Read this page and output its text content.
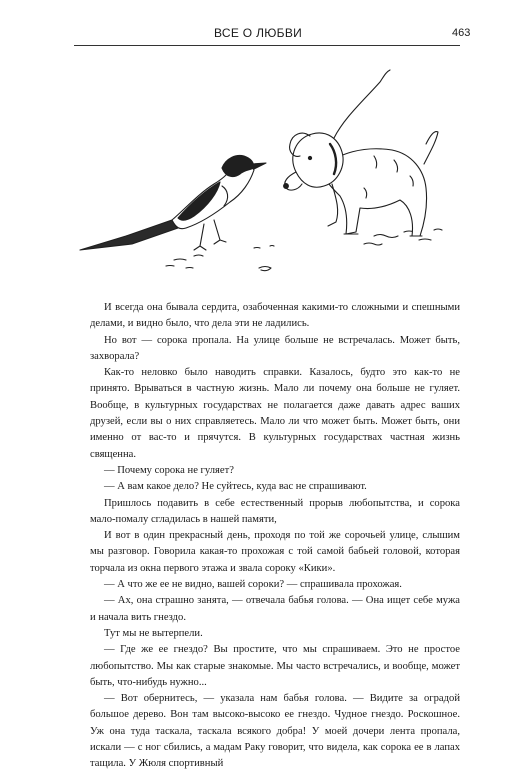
ВСЕ О ЛЮБВИ	463

И всегда она бывала сердита, озабоченная какими-то сложными и спешными делами, и видно было, что дела эти не ладились.

Но вот — сорока пропала. На улице больше не встречалась. Может быть, захворала?

Как-то неловко было наводить справки. Казалось, будто это как-то не принято. Врываться в частную жизнь. Мало ли почему она больше не гуляет. Вообще, в культурных государствах не полагается даже давать адрес ваших друзей, если вы о них справляетесь. Мало ли что может быть. Может быть, они именно от вас-то и прячутся. В культурных государствах частная жизнь священна.

— Почему сорока не гуляет?

— А вам какое дело? Не суйтесь, куда вас не спрашивают.

Пришлось подавить в себе естественный прорыв любопытства, и сорока мало-помалу сгладилась в нашей памяти,

И вот в один прекрасный день, проходя по той же сорочьей улице, слышим мы разговор. Говорила какая-то прохожая с той самой бабьей головой, которая торчала из окна первого этажа и звала сороку «Кики».

— А что же ее не видно, вашей сороки? — спрашивала прохожая.

— Ах, она страшно занята, — отвечала бабья голова. — Она ищет себе мужа и начала вить гнездо.

Тут мы не вытерпели.

— Где же ее гнездо? Вы простите, что мы спрашиваем. Это не простое любопытство. Мы как старые знакомые. Мы часто встречались, и вообще, может быть, что-нибудь нужно...

— Вот обернитесь, — указала нам бабья голова. — Видите за оградой большое дерево. Вон там высоко-высоко ее гнездо. Чудное гнездо. Роскошное. Уж она туда таскала, таскала всякого добра! У моей дочери лента пропала, искали — с ног сбились, а мадам Раку говорит, что видела, как сорока ее в лапах тащила. У Жюля спортивный
